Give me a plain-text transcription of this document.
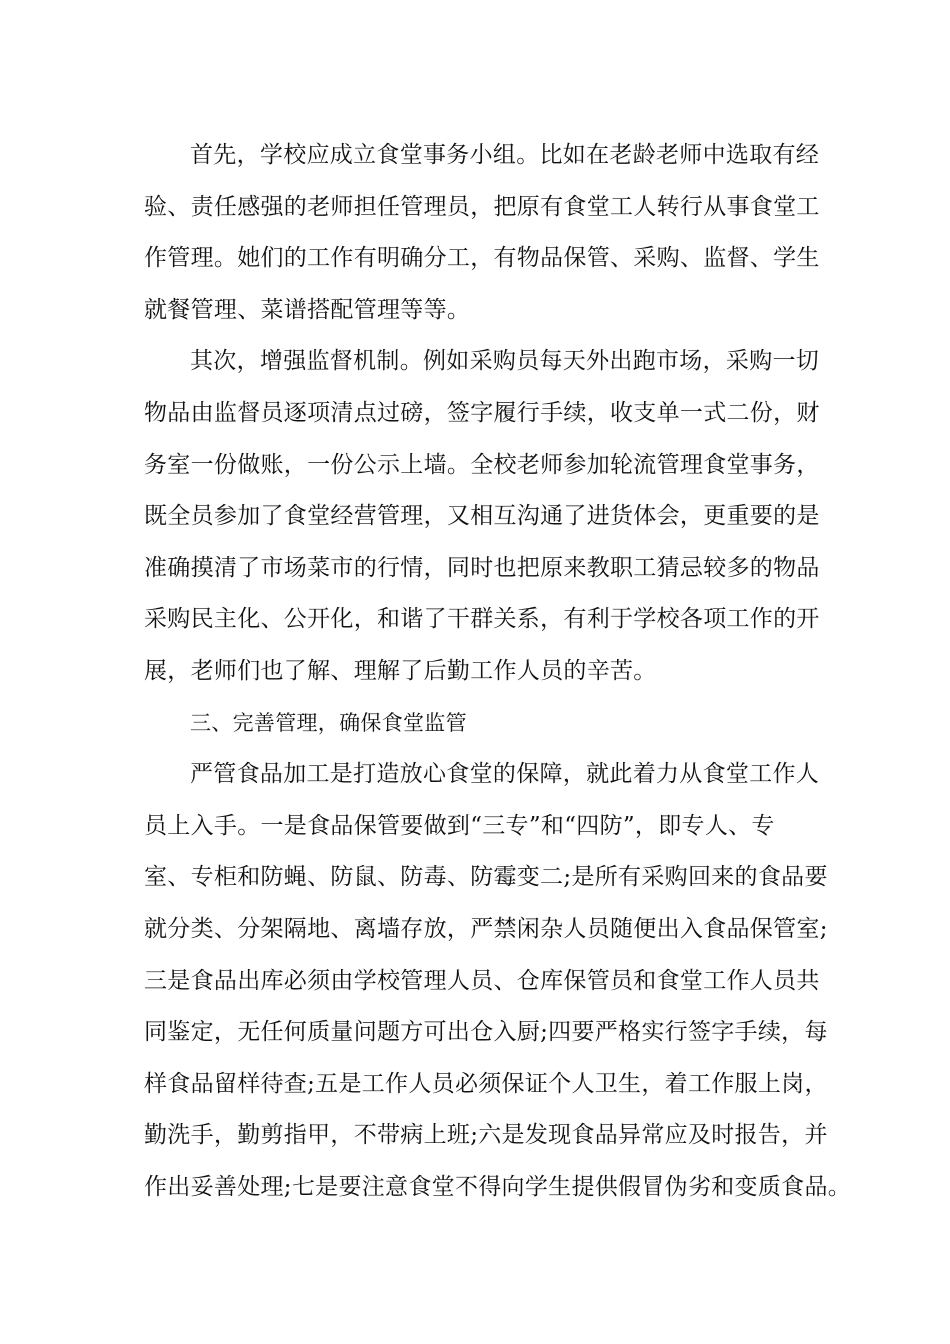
首先，学校应成立食堂事务小组。比如在老龄老师中选取有经
验、责任感强的老师担任管理员，把原有食堂工人转行从事食堂工
作管理。她们的工作有明确分工，有物品保管、采购、监督、学生
就餐管理、菜谱搭配管理等等。
其次，增强监督机制。例如采购员每天外出跑市场，采购一切
物品由监督员逐项清点过磅，签字履行手续，收支单一式二份，财
务室一份做账，一份公示上墙。全校老师参加轮流管理食堂事务，
既全员参加了食堂经营管理，又相互沟通了进货体会，更重要的是
准确摸清了市场菜市的行情，同时也把原来教职工猜忌较多的物品
采购民主化、公开化，和谐了干群关系，有利于学校各项工作的开
展，老师们也了解、理解了后勤工作人员的辛苦。
三、完善管理，确保食堂监管
严管食品加工是打造放心食堂的保障，就此着力从食堂工作人
员上入手。一是食品保管要做到“三专”和“四防”，即专人、专
室、专柜和防蝇、防鼠、防毒、防霉变二;是所有采购回来的食品要
就分类、分架隔地、离墙存放，严禁闲杂人员随便出入食品保管室;
三是食品出库必须由学校管理人员、仓库保管员和食堂工作人员共
同鉴定，无任何质量问题方可出仓入厨;四要严格实行签字手续，每
样食品留样待查;五是工作人员必须保证个人卫生，着工作服上岗，
勤洗手，勤剪指甲，不带病上班;六是发现食品异常应及时报告，并
作出妥善处理;七是要注意食堂不得向学生提供假冒伪劣和变质食品。
